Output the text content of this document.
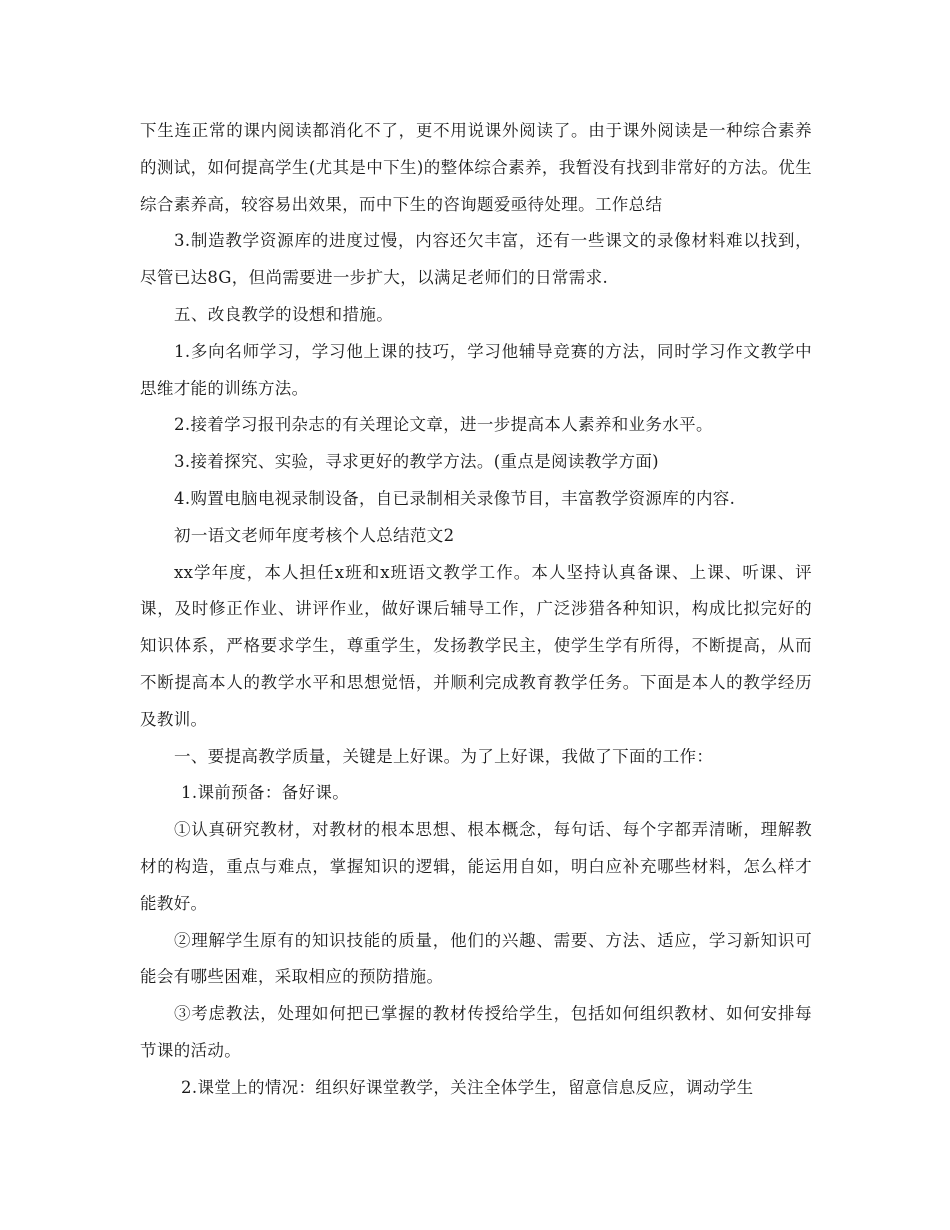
下生连正常的课内阅读都消化不了，更不用说课外阅读了。由于课外阅读是一种综合素养的测试，如何提高学生(尤其是中下生)的整体综合素养，我暂没有找到非常好的方法。优生综合素养高，较容易出效果，而中下生的咨询题爱亟待处理。工作总结

3.制造教学资源库的进度过慢，内容还欠丰富，还有一些课文的录像材料难以找到，尽管已达8G，但尚需要进一步扩大，以满足老师们的日常需求.

五、改良教学的设想和措施。

1.多向名师学习，学习他上课的技巧，学习他辅导竞赛的方法，同时学习作文教学中思维才能的训练方法。

2.接着学习报刊杂志的有关理论文章，进一步提高本人素养和业务水平。

3.接着探究、实验，寻求更好的教学方法。(重点是阅读教学方面)

4.购置电脑电视录制设备，自已录制相关录像节目，丰富教学资源库的内容.

初一语文老师年度考核个人总结范文2

xx学年度，本人担任x班和x班语文教学工作。本人坚持认真备课、上课、听课、评课，及时修正作业、讲评作业，做好课后辅导工作，广泛涉猎各种知识，构成比拟完好的知识体系，严格要求学生，尊重学生，发扬教学民主，使学生学有所得，不断提高，从而不断提高本人的教学水平和思想觉悟，并顺利完成教育教学任务。下面是本人的教学经历及教训。

一、要提高教学质量，关键是上好课。为了上好课，我做了下面的工作：

1.课前预备：备好课。

①认真研究教材，对教材的根本思想、根本概念，每句话、每个字都弄清晰，理解教材的构造，重点与难点，掌握知识的逻辑，能运用自如，明白应补充哪些材料，怎么样才能教好。

②理解学生原有的知识技能的质量，他们的兴趣、需要、方法、适应，学习新知识可能会有哪些困难，采取相应的预防措施。

③考虑教法，处理如何把已掌握的教材传授给学生，包括如何组织教材、如何安排每节课的活动。

2.课堂上的情况：组织好课堂教学，关注全体学生，留意信息反应，调动学生
